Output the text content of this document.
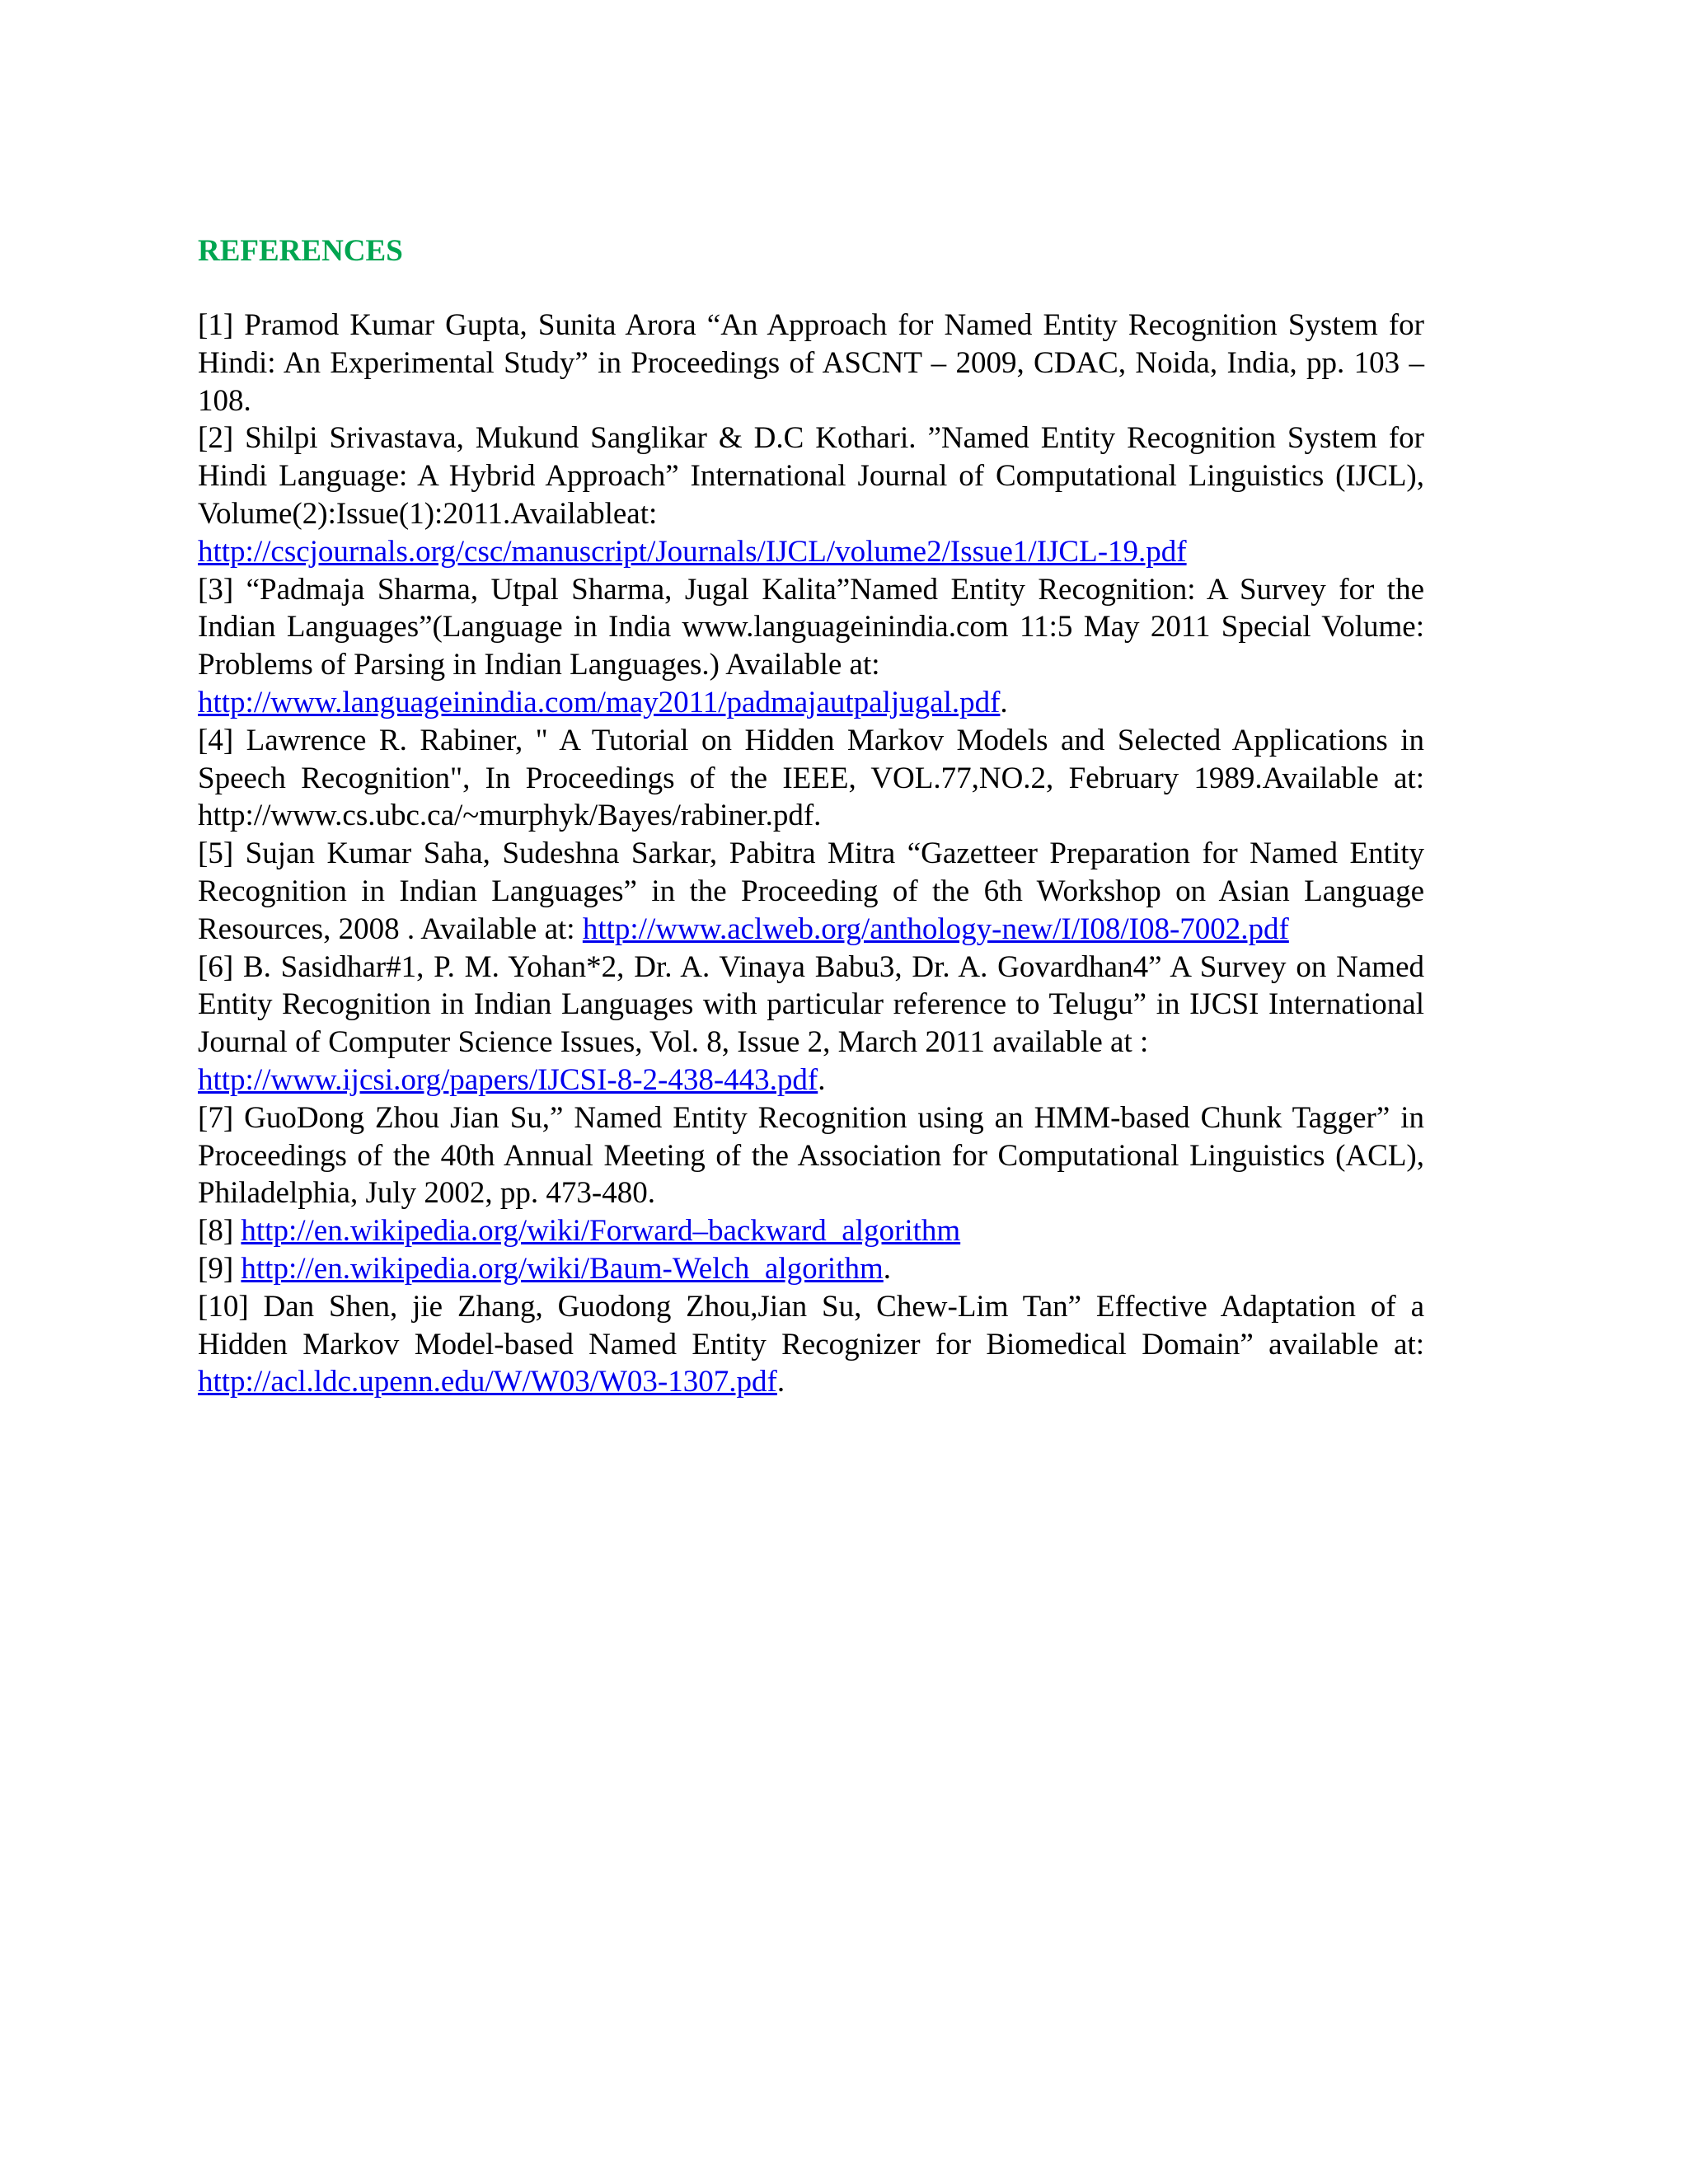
REFERENCES

[1] Pramod Kumar Gupta, Sunita Arora “An Approach for Named Entity Recognition System for Hindi: An Experimental Study” in Proceedings of ASCNT – 2009, CDAC, Noida, India, pp. 103 – 108.

[2] Shilpi Srivastava, Mukund Sanglikar & D.C Kothari. ”Named Entity Recognition System for Hindi Language: A Hybrid Approach” International Journal of Computational Linguistics (IJCL), Volume(2):Issue(1):2011.Availableat:
http://cscjournals.org/csc/manuscript/Journals/IJCL/volume2/Issue1/IJCL-19.pdf

[3] “Padmaja Sharma, Utpal Sharma, Jugal Kalita”Named Entity Recognition: A Survey for the Indian Languages”(Language in India www.languageinindia.com 11:5 May 2011 Special Volume: Problems of Parsing in Indian Languages.) Available at:
http://www.languageinindia.com/may2011/padmajautpaljugal.pdf.

[4] Lawrence R. Rabiner, " A Tutorial on Hidden Markov Models and Selected Applications in Speech Recognition", In Proceedings of the IEEE, VOL.77,NO.2, February 1989.Available at: http://www.cs.ubc.ca/~murphyk/Bayes/rabiner.pdf.

[5] Sujan Kumar Saha, Sudeshna Sarkar, Pabitra Mitra “Gazetteer Preparation for Named Entity Recognition in Indian Languages” in the Proceeding of the 6th Workshop on Asian Language Resources, 2008 . Available at: http://www.aclweb.org/anthology-new/I/I08/I08-7002.pdf

[6] B. Sasidhar#1, P. M. Yohan*2, Dr. A. Vinaya Babu3, Dr. A. Govardhan4” A Survey on Named Entity Recognition in Indian Languages with particular reference to Telugu” in IJCSI International Journal of Computer Science Issues, Vol. 8, Issue 2, March 2011 available at :
http://www.ijcsi.org/papers/IJCSI-8-2-438-443.pdf.

[7] GuoDong Zhou Jian Su,” Named Entity Recognition using an HMM-based Chunk Tagger” in Proceedings of the 40th Annual Meeting of the Association for Computational Linguistics (ACL), Philadelphia, July 2002, pp. 473-480.

[8] http://en.wikipedia.org/wiki/Forward–backward_algorithm

[9] http://en.wikipedia.org/wiki/Baum-Welch_algorithm.

[10] Dan Shen, jie Zhang, Guodong Zhou,Jian Su, Chew-Lim Tan” Effective Adaptation of a Hidden Markov Model-based Named Entity Recognizer for Biomedical Domain” available at: http://acl.ldc.upenn.edu/W/W03/W03-1307.pdf.
